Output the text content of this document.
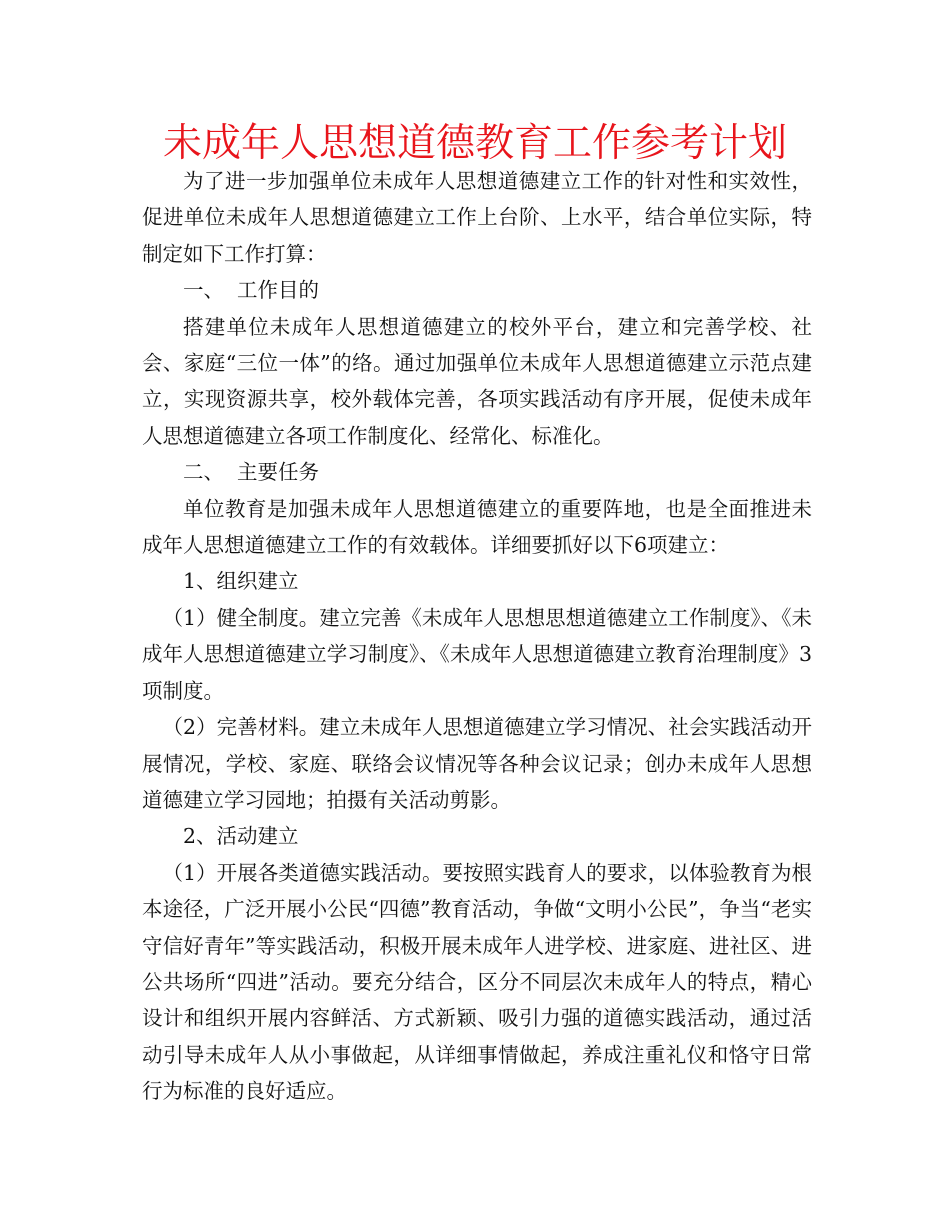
未成年人思想道德教育工作参考计划

为了进一步加强单位未成年人思想道德建立工作的针对性和实效性，促进单位未成年人思想道德建立工作上台阶、上水平，结合单位实际，特制定如下工作打算：

一、  工作目的

搭建单位未成年人思想道德建立的校外平台，建立和完善学校、社会、家庭“三位一体”的络。通过加强单位未成年人思想道德建立示范点建立，实现资源共享，校外载体完善，各项实践活动有序开展，促使未成年人思想道德建立各项工作制度化、经常化、标准化。

二、  主要任务

单位教育是加强未成年人思想道德建立的重要阵地，也是全面推进未成年人思想道德建立工作的有效载体。详细要抓好以下6项建立：

1、组织建立

（1）健全制度。建立完善《未成年人思想思想道德建立工作制度》、《未成年人思想道德建立学习制度》、《未成年人思想道德建立教育治理制度》3项制度。

（2）完善材料。建立未成年人思想道德建立学习情况、社会实践活动开展情况，学校、家庭、联络会议情况等各种会议记录；创办未成年人思想道德建立学习园地；拍摄有关活动剪影。

2、活动建立

（1）开展各类道德实践活动。要按照实践育人的要求，以体验教育为根本途径，广泛开展小公民“四德”教育活动，争做“文明小公民”，争当“老实守信好青年”等实践活动，积极开展未成年人进学校、进家庭、进社区、进公共场所“四进”活动。要充分结合，区分不同层次未成年人的特点，精心设计和组织开展内容鲜活、方式新颖、吸引力强的道德实践活动，通过活动引导未成年人从小事做起，从详细事情做起，养成注重礼仪和恪守日常行为标准的良好适应。
